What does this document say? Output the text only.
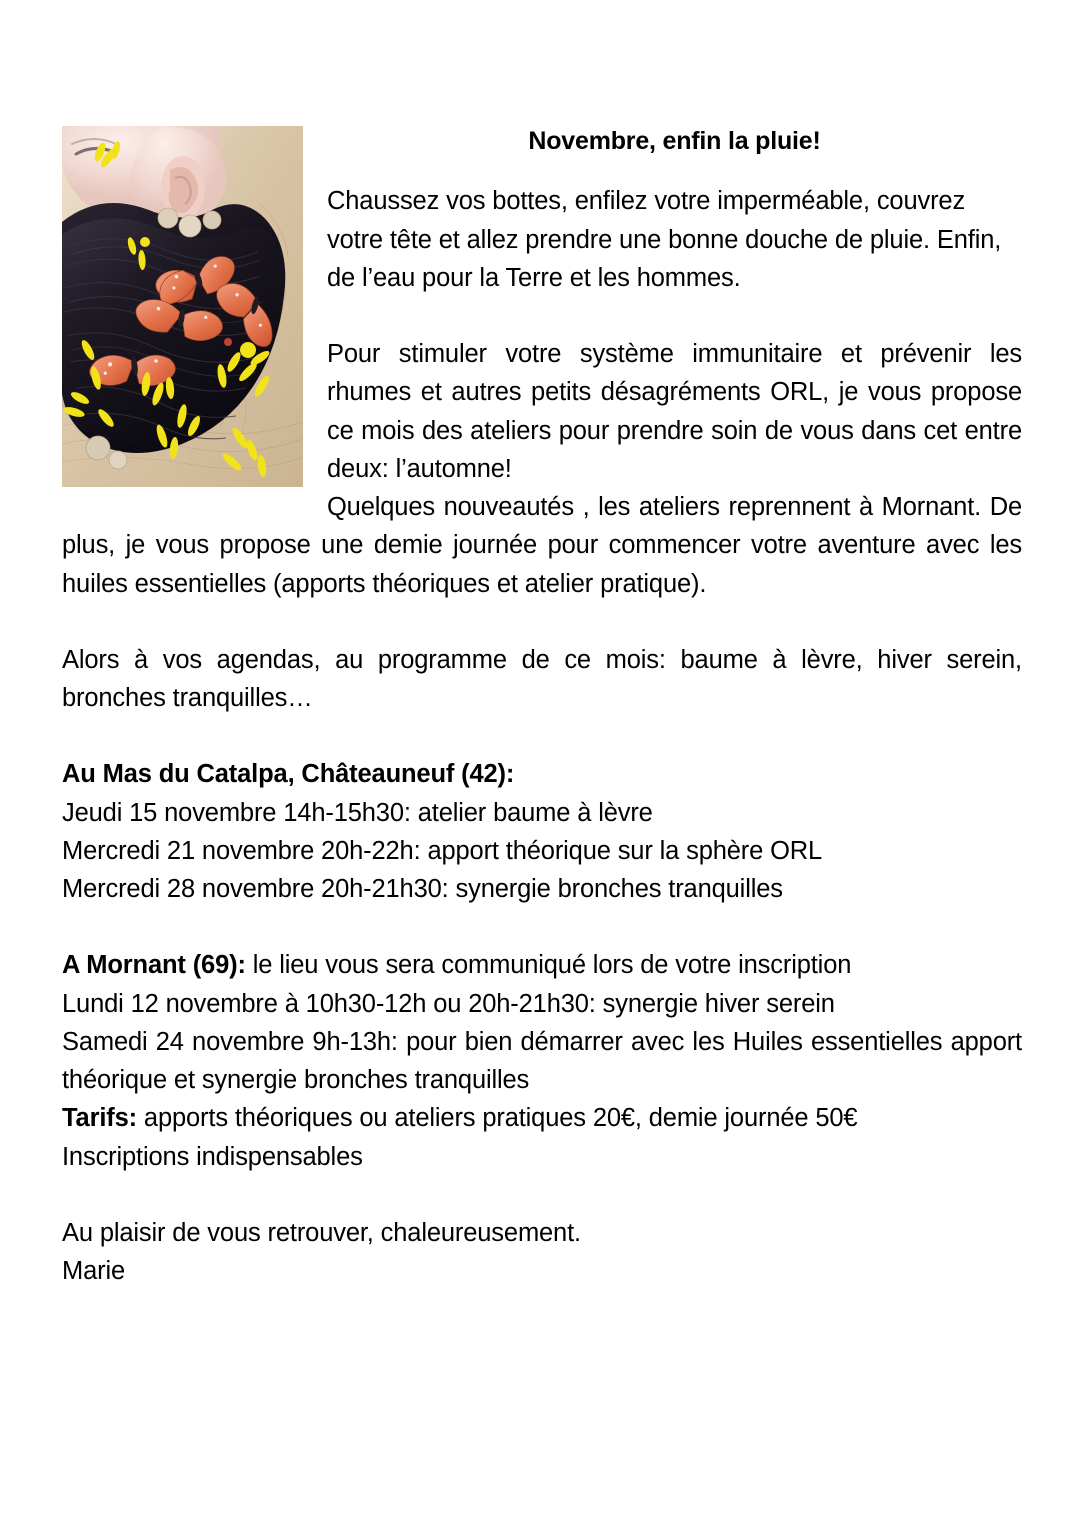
Novembre, enfin la pluie!

Chaussez vos bottes, enfilez votre imperméable, couvrez votre tête et allez prendre une bonne douche de pluie. Enfin, de l’eau pour la Terre et les hommes.

Pour stimuler votre système immunitaire et prévenir les rhumes et autres petits désagréments ORL, je vous propose ce mois des ateliers pour prendre soin de vous dans cet entre deux: l’automne!

Quelques nouveautés , les ateliers reprennent à Mornant. De plus, je vous propose une demie journée pour commencer votre aventure avec les huiles essentielles (apports théoriques et atelier pratique).

Alors à vos agendas, au programme de ce mois: baume à lèvre, hiver serein, bronches tranquilles…

Au Mas du Catalpa, Châteauneuf (42):

Jeudi 15 novembre 14h-15h30: atelier baume à lèvre

Mercredi 21 novembre 20h-22h: apport théorique sur la sphère ORL

Mercredi 28 novembre 20h-21h30: synergie bronches tranquilles

A Mornant (69): le lieu vous sera communiqué lors de votre inscription

Lundi 12 novembre à 10h30-12h ou 20h-21h30: synergie hiver serein

Samedi 24 novembre 9h-13h: pour bien démarrer avec les Huiles essentielles apport théorique et synergie bronches tranquilles

Tarifs: apports théoriques ou ateliers pratiques 20€, demie journée 50€

Inscriptions indispensables

Au plaisir de vous retrouver, chaleureusement.

Marie
